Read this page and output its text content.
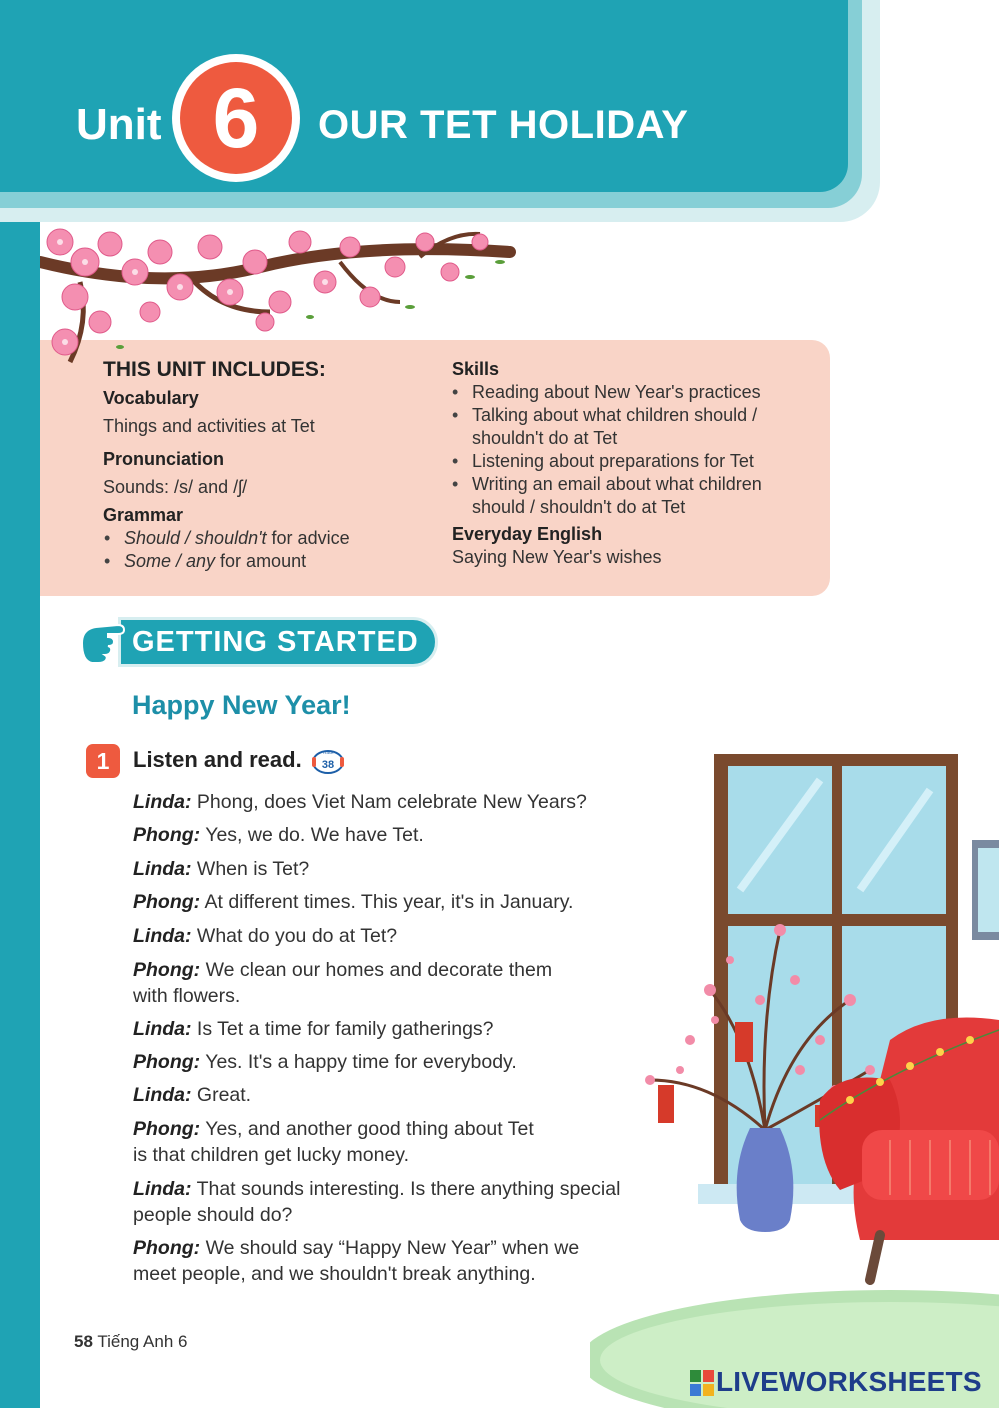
Unit 6	OUR TET HOLIDAY
THIS UNIT INCLUDES:
Vocabulary
Things and activities at Tet
Pronunciation
Sounds: /s/ and /ʃ/
Grammar
• Should / shouldn't for advice
• Some / any for amount
Skills
• Reading about New Year's practices
• Talking about what children should /
shouldn't do at Tet
• Listening about preparations for Tet
• Writing an email about what children
should / shouldn't do at Tet
Everyday English
Saying New Year's wishes
GETTING STARTED
Happy New Year!
1	Listen and read.	Track
38
Linda: Phong, does Viet Nam celebrate New Years?
Phong: Yes, we do. We have Tet.
Linda: When is Tet?
Phong: At different times. This year, it's in January.
Linda: What do you do at Tet?
Phong: We clean our homes and decorate them
with flowers.
Linda: Is Tet a time for family gatherings?
Phong: Yes. It's a happy time for everybody.
Linda: Great.
Phong: Yes, and another good thing about Tet
is that children get lucky money.
Linda: That sounds interesting. Is there anything special
people should do?
Phong: We should say “Happy New Year” when we
meet people, and we shouldn't break anything.
58 Tiếng Anh 6
LIVEWORKSHEETS
